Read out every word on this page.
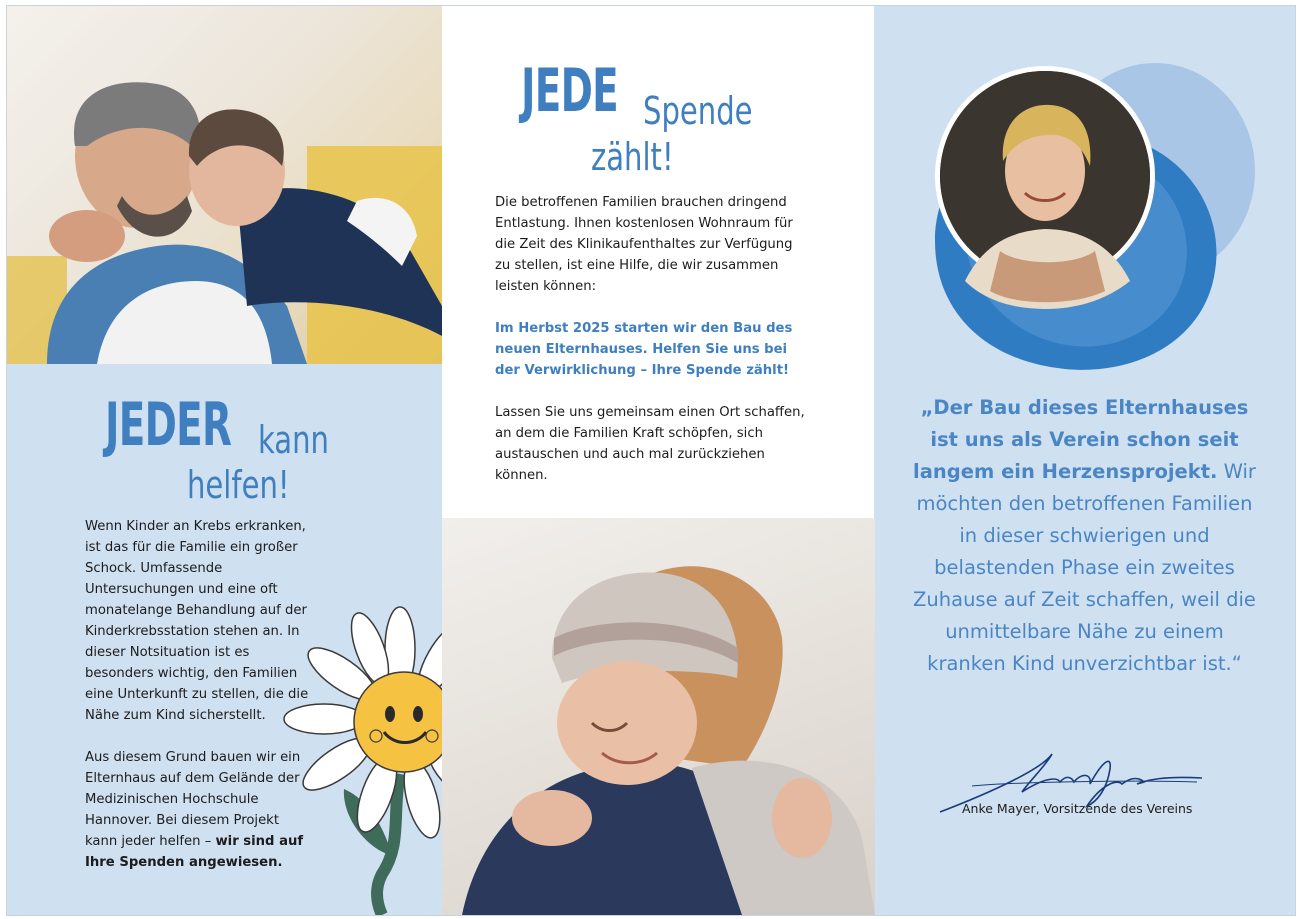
JEDE Spende
zählt!

Die betroffenen Familien brauchen dringend Entlastung. Ihnen kostenlosen Wohnraum für die Zeit des Klinikaufenthaltes zur Verfügung zu stellen, ist eine Hilfe, die wir zusammen leisten können:

Im Herbst 2025 starten wir den Bau des neuen Elternhauses. Helfen Sie uns bei der Verwirklichung – Ihre Spende zählt!

Lassen Sie uns gemeinsam einen Ort schaffen, an dem die Familien Kraft schöpfen, sich austauschen und auch mal zurückziehen können.

JEDER kann
helfen!

Wenn Kinder an Krebs erkranken, ist das für die Familie ein großer Schock. Umfassende Untersuchungen und eine oft monatelange Behandlung auf der Kinderkrebsstation stehen an. In dieser Notsituation ist es besonders wichtig, den Familien eine Unterkunft zu stellen, die die Nähe zum Kind sicherstellt.

Aus diesem Grund bauen wir ein Elternhaus auf dem Gelände der Medizinischen Hochschule Hannover. Bei diesem Projekt kann jeder helfen – wir sind auf Ihre Spenden angewiesen.

„Der Bau dieses Elternhauses ist uns als Verein schon seit langem ein Herzensprojekt. Wir möchten den betroffenen Familien in dieser schwierigen und belastenden Phase ein zweites Zuhause auf Zeit schaffen, weil die unmittelbare Nähe zu einem kranken Kind unverzichtbar ist.“
Anke Mayer, Vorsitzende des Vereins
